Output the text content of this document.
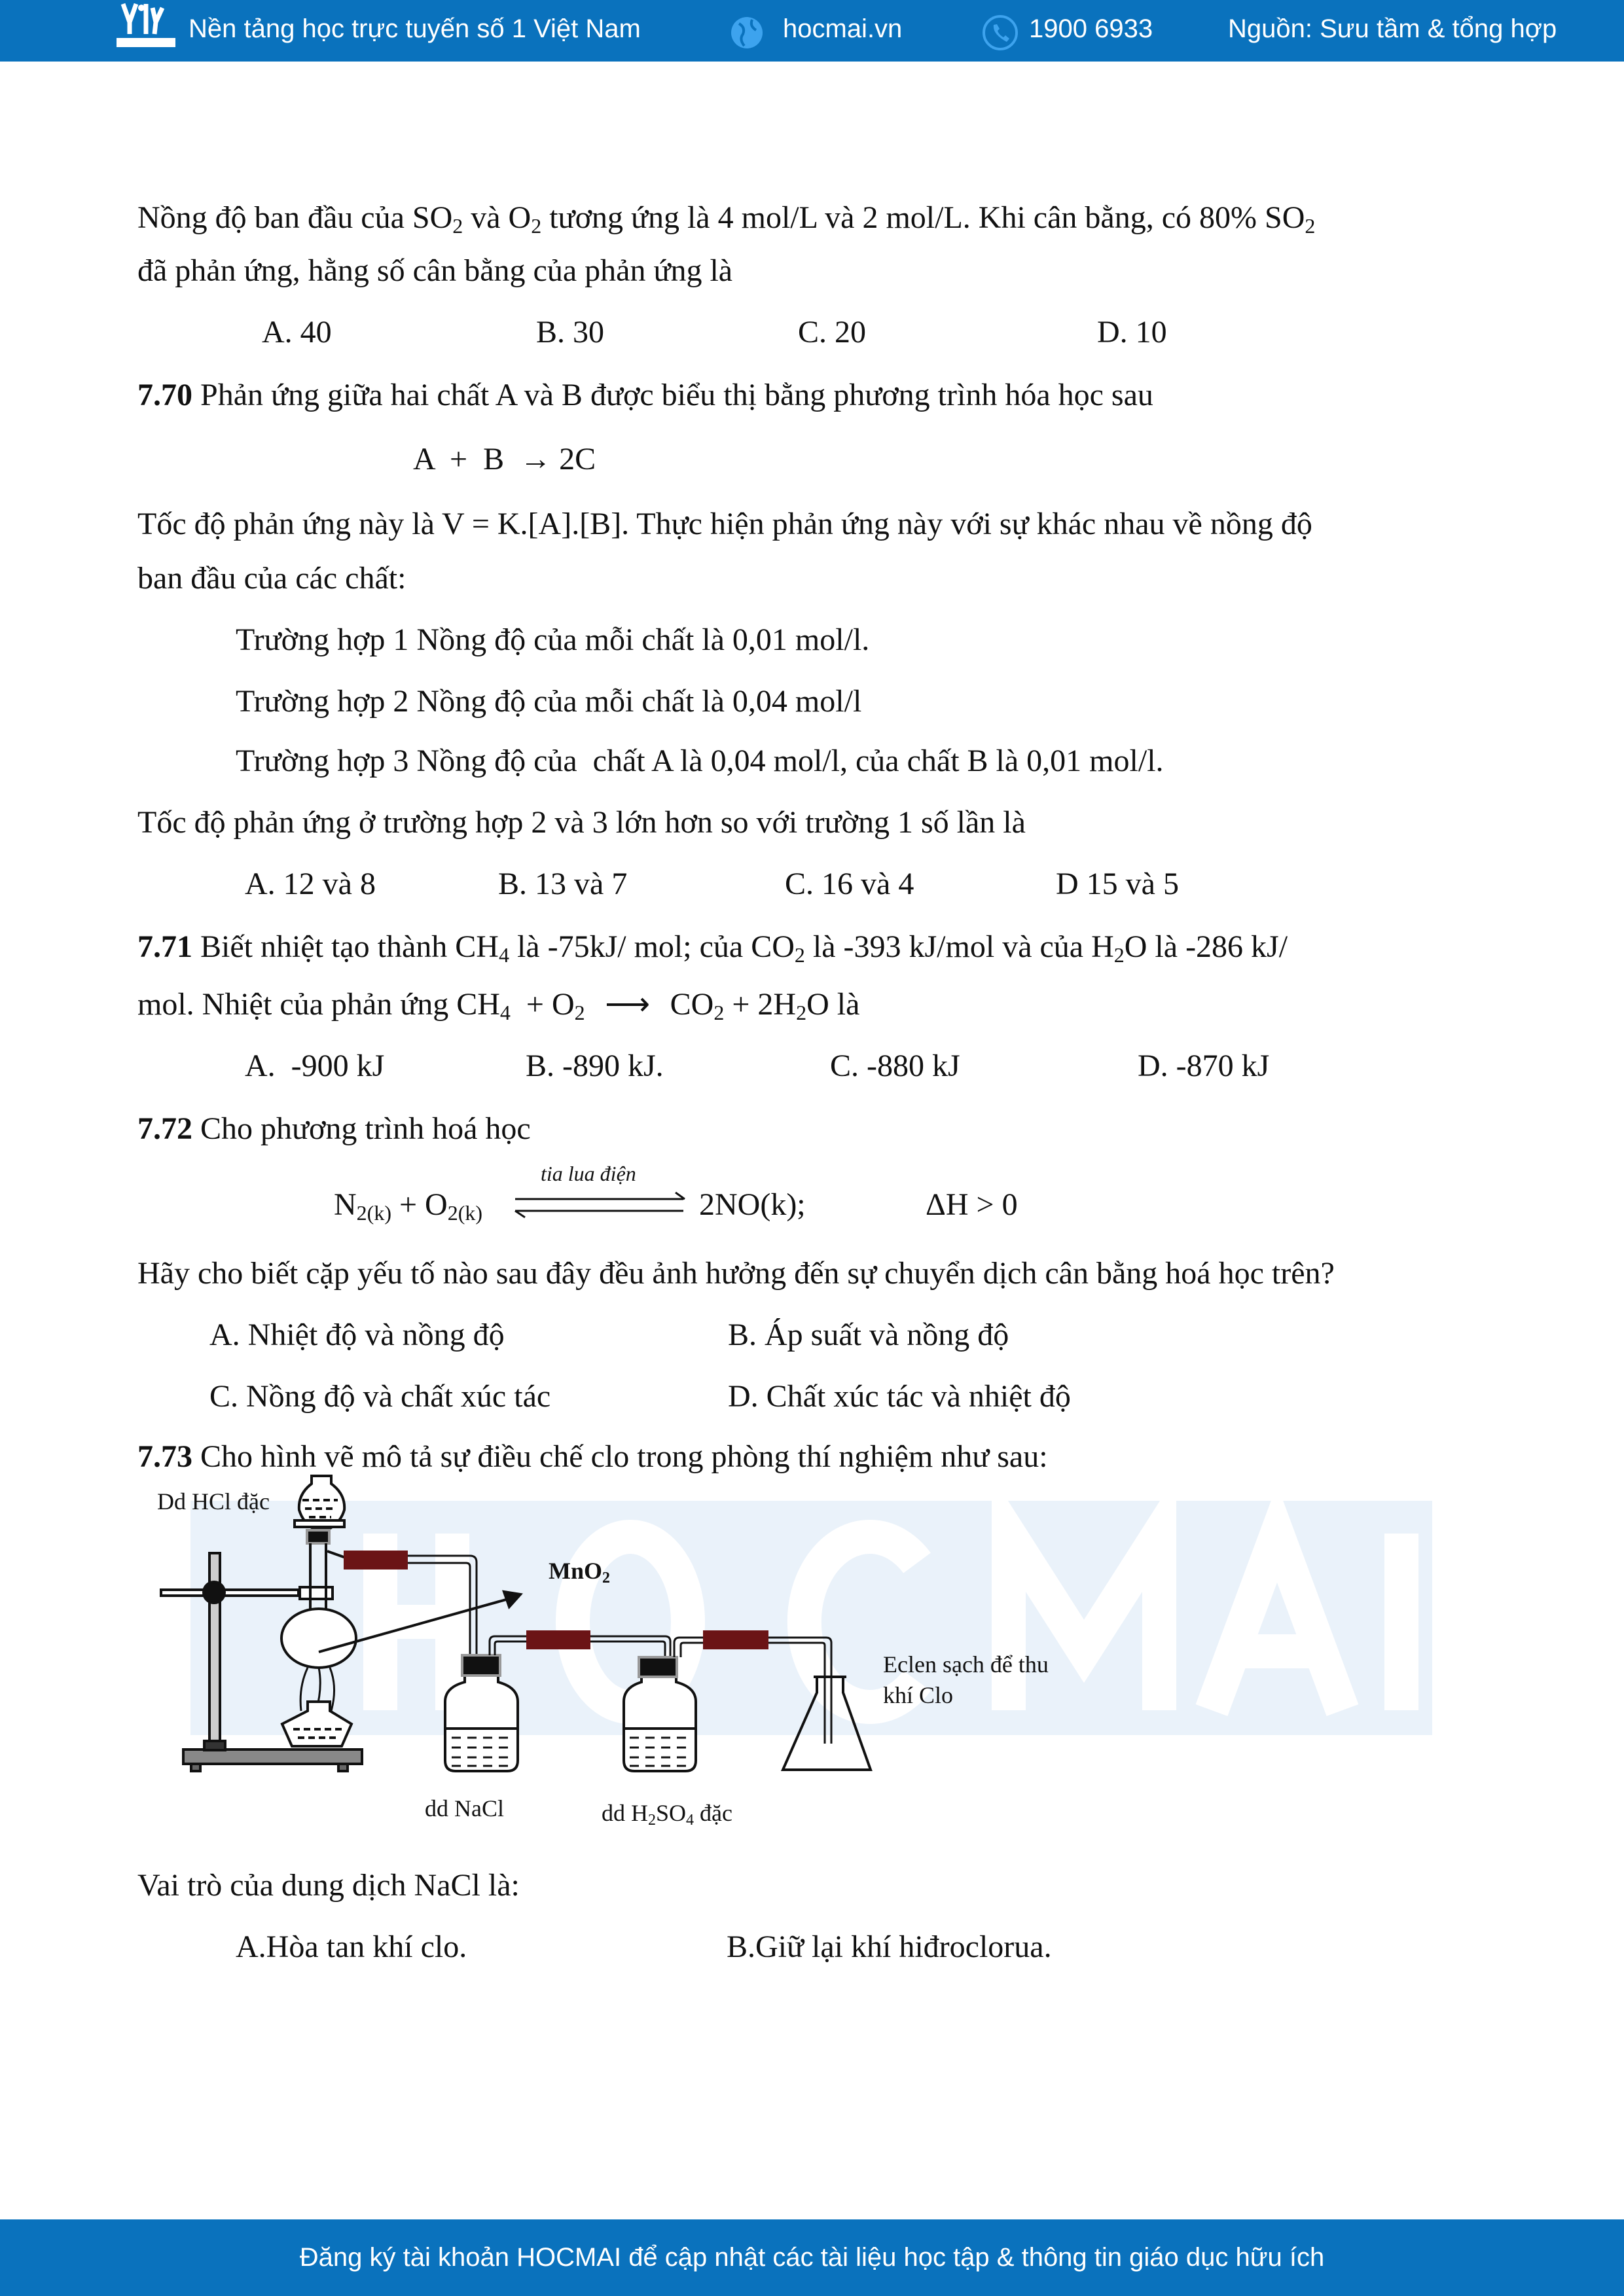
Nền tảng học trực tuyến số 1 Việt Nam	hocmai.vn	1900 6933	Nguồn: Sưu tầm & tổng hợp
Nồng độ ban đầu của $SO_2$ và $O_2$ tương ứng là 4 mol/L và 2 mol/L. Khi cân bằng, có 80% $SO_2$
đã phản ứng, hằng số cân bằng của phản ứng là
A. 40	B. 30	C. 20	D. 10
7.70 Phản ứng giữa hai chất A và B được biểu thị bằng phương trình hóa học sau
A  +  B  → 2C
Tốc độ phản ứng này là V = K.[A].[B]. Thực hiện phản ứng này với sự khác nhau về nồng độ
ban đầu của các chất:
Trường hợp 1 Nồng độ của mỗi chất là 0,01 mol/l.
Trường hợp 2 Nồng độ của mỗi chất là 0,04 mol/l
Trường hợp 3 Nồng độ của  chất A là 0,04 mol/l, của chất B là 0,01 mol/l.
Tốc độ phản ứng ở trường hợp 2 và 3 lớn hơn so với trường 1 số lần là
A. 12 và 8	B. 13 và 7	C. 16 và 4	D 15 và 5
7.71 Biết nhiệt tạo thành $CH_4$ là -75kJ/ mol; của $CO_2$ là -393 kJ/mol và của $H_2O$ là -286 kJ/
mol. Nhiệt của phản ứng $CH_4 + O_2$ ⟶ $CO_2 + 2H_2O$ là
A.  -900 kJ	B. -890 kJ.	C. -880 kJ	D. -870 kJ
7.72 Cho phương trình hoá học
$N_{2(k)} + O_{2(k)}$
tia lua điện
2NO(k);	ΔH > 0
Hãy cho biết cặp yếu tố nào sau đây đều ảnh hưởng đến sự chuyển dịch cân bằng hoá học trên?
A. Nhiệt độ và nồng độ	B. Áp suất và nồng độ
C. Nồng độ và chất xúc tác	D. Chất xúc tác và nhiệt độ
7.73 Cho hình vẽ mô tả sự điều chế clo trong phòng thí nghiệm như sau:
Dd HCl đặc
MnO$_2$
Eclen sạch để thu
khí Clo
dd NaCl	dd $H_2SO_4$ đặc
Vai trò của dung dịch NaCl là:
A.Hòa tan khí clo.	B.Giữ lại khí hiđroclorua.
Đăng ký tài khoản HOCMAI để cập nhật các tài liệu học tập & thông tin giáo dục hữu ích
